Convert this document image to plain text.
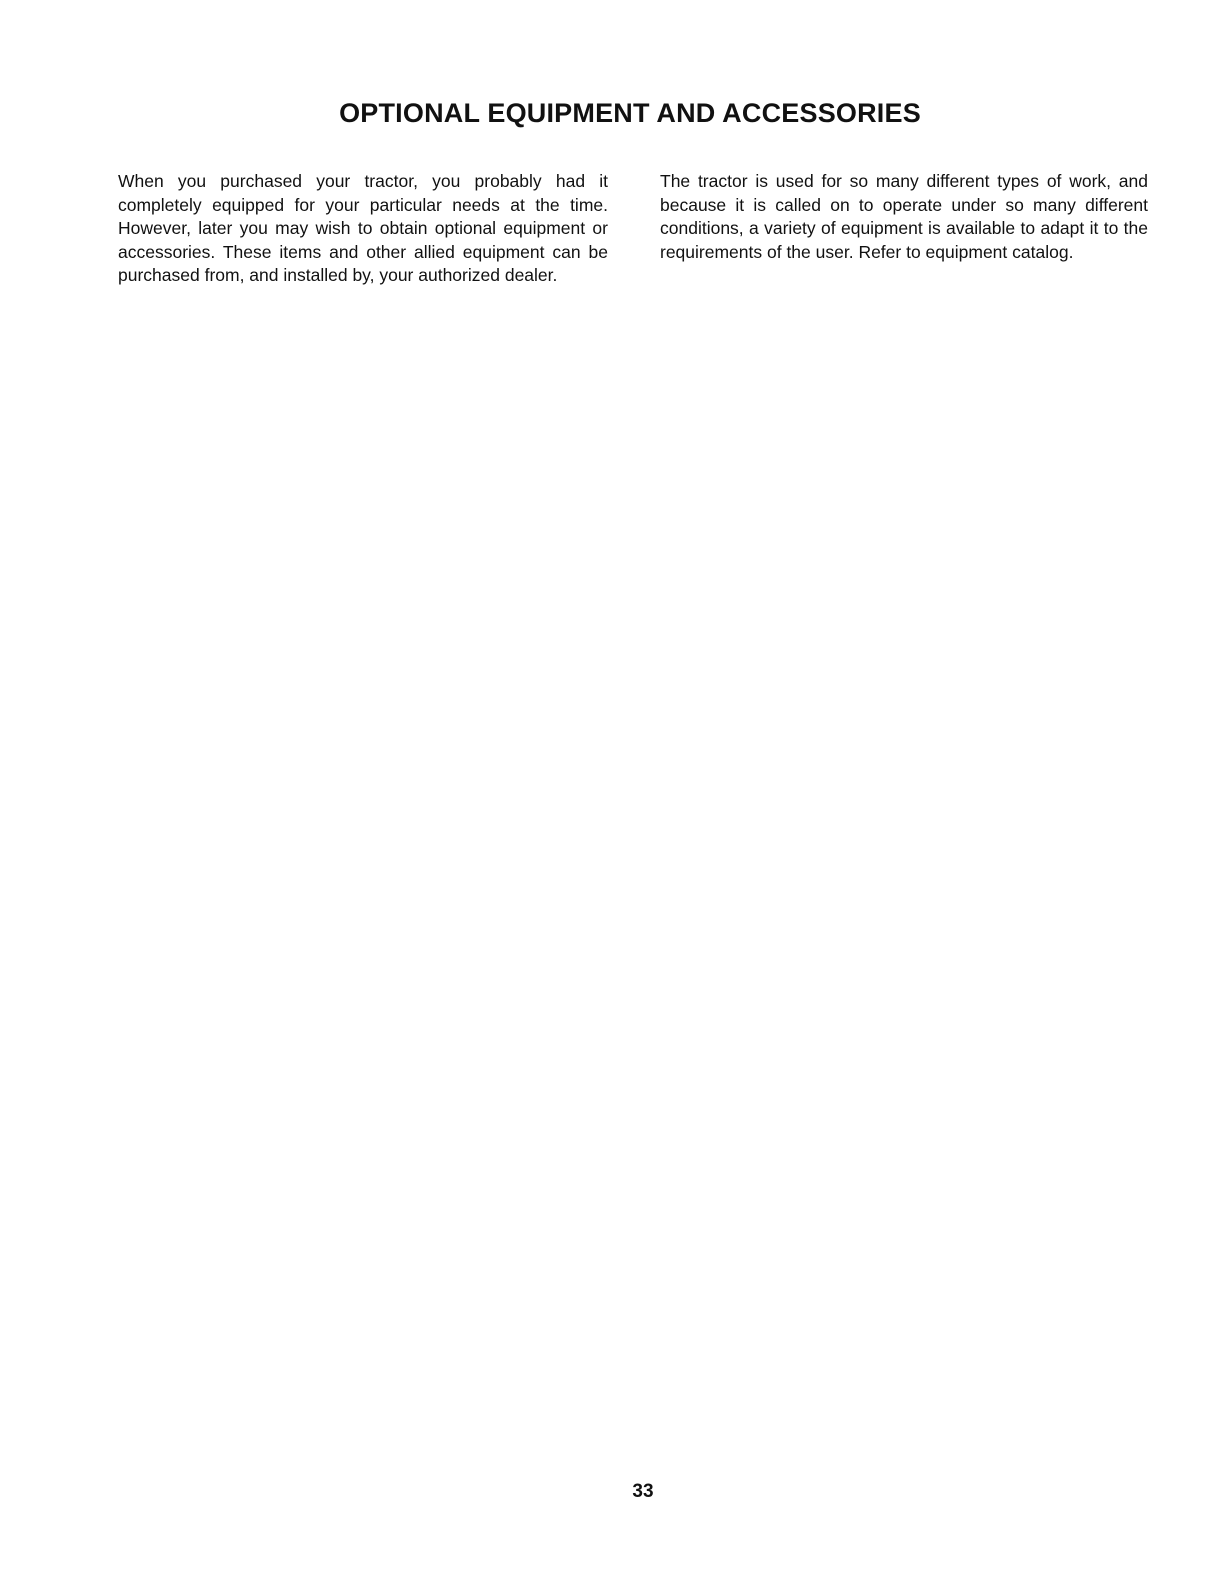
OPTIONAL EQUIPMENT AND ACCESSORIES

When you purchased your tractor, you probably had it completely equipped for your particular needs at the time. However, later you may wish to obtain optional equipment or accessories. These items and other allied equipment can be purchased from, and installed by, your authorized dealer.

The tractor is used for so many different types of work, and because it is called on to operate under so many different conditions, a variety of equipment is available to adapt it to the requirements of the user. Refer to equipment catalog.

33
